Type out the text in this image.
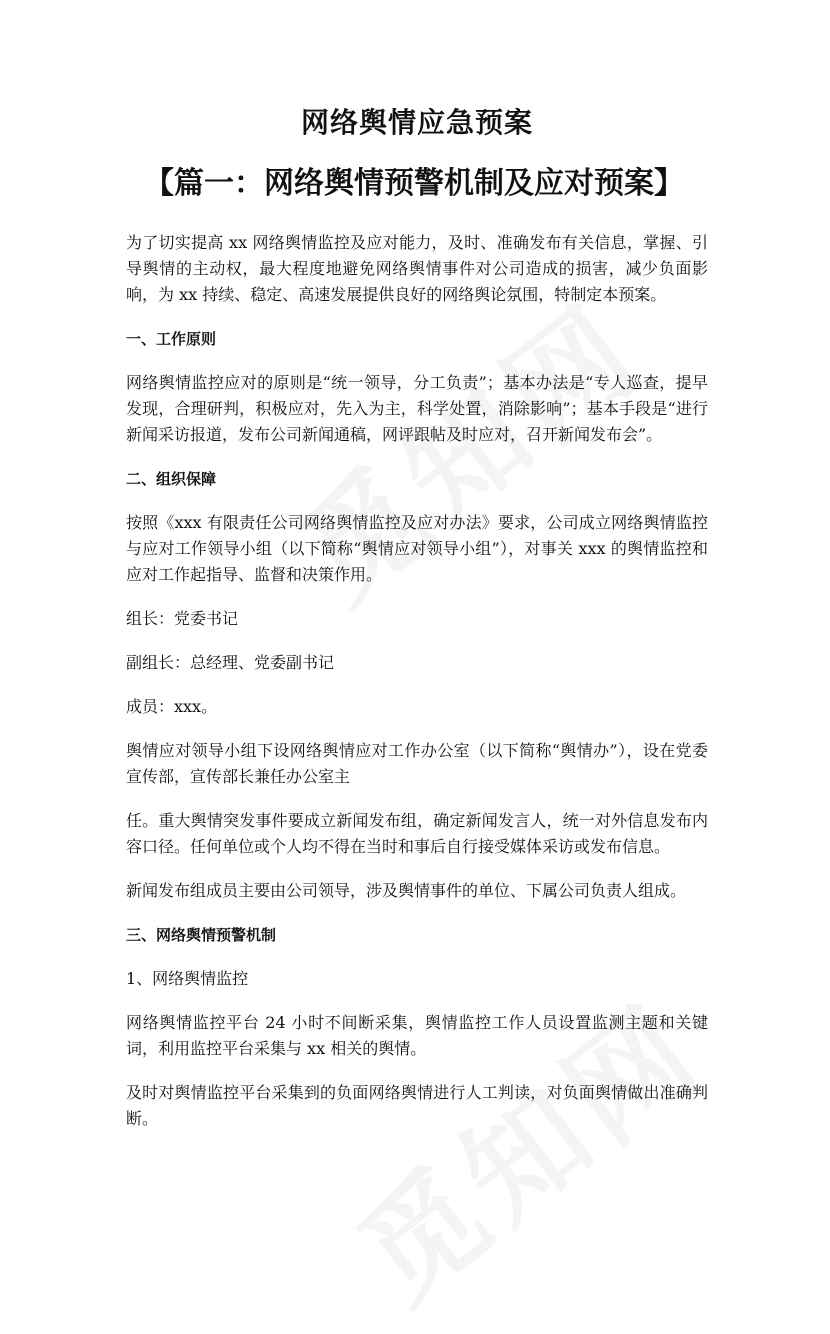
网络舆情应急预案
【篇一：网络舆情预警机制及应对预案】

为了切实提高 xx 网络舆情监控及应对能力，及时、准确发布有关信息，掌握、引导舆情的主动权，最大程度地避免网络舆情事件对公司造成的损害，减少负面影响，为 xx 持续、稳定、高速发展提供良好的网络舆论氛围，特制定本预案。

一、工作原则

网络舆情监控应对的原则是“统一领导，分工负责”；基本办法是“专人巡查，提早发现，合理研判，积极应对，先入为主，科学处置，消除影响”；基本手段是“进行新闻采访报道，发布公司新闻通稿，网评跟帖及时应对，召开新闻发布会”。

二、组织保障

按照《xxx 有限责任公司网络舆情监控及应对办法》要求，公司成立网络舆情监控与应对工作领导小组（以下简称“舆情应对领导小组”），对事关 xxx 的舆情监控和应对工作起指导、监督和决策作用。

组长：党委书记

副组长：总经理、党委副书记

成员：xxx。

舆情应对领导小组下设网络舆情应对工作办公室（以下简称“舆情办”），设在党委宣传部，宣传部长兼任办公室主

任。重大舆情突发事件要成立新闻发布组，确定新闻发言人，统一对外信息发布内容口径。任何单位或个人均不得在当时和事后自行接受媒体采访或发布信息。

新闻发布组成员主要由公司领导，涉及舆情事件的单位、下属公司负责人组成。

三、网络舆情预警机制

1、网络舆情监控

网络舆情监控平台 24 小时不间断采集，舆情监控工作人员设置监测主题和关键词，利用监控平台采集与 xx 相关的舆情。

及时对舆情监控平台采集到的负面网络舆情进行人工判读，对负面舆情做出准确判断。
